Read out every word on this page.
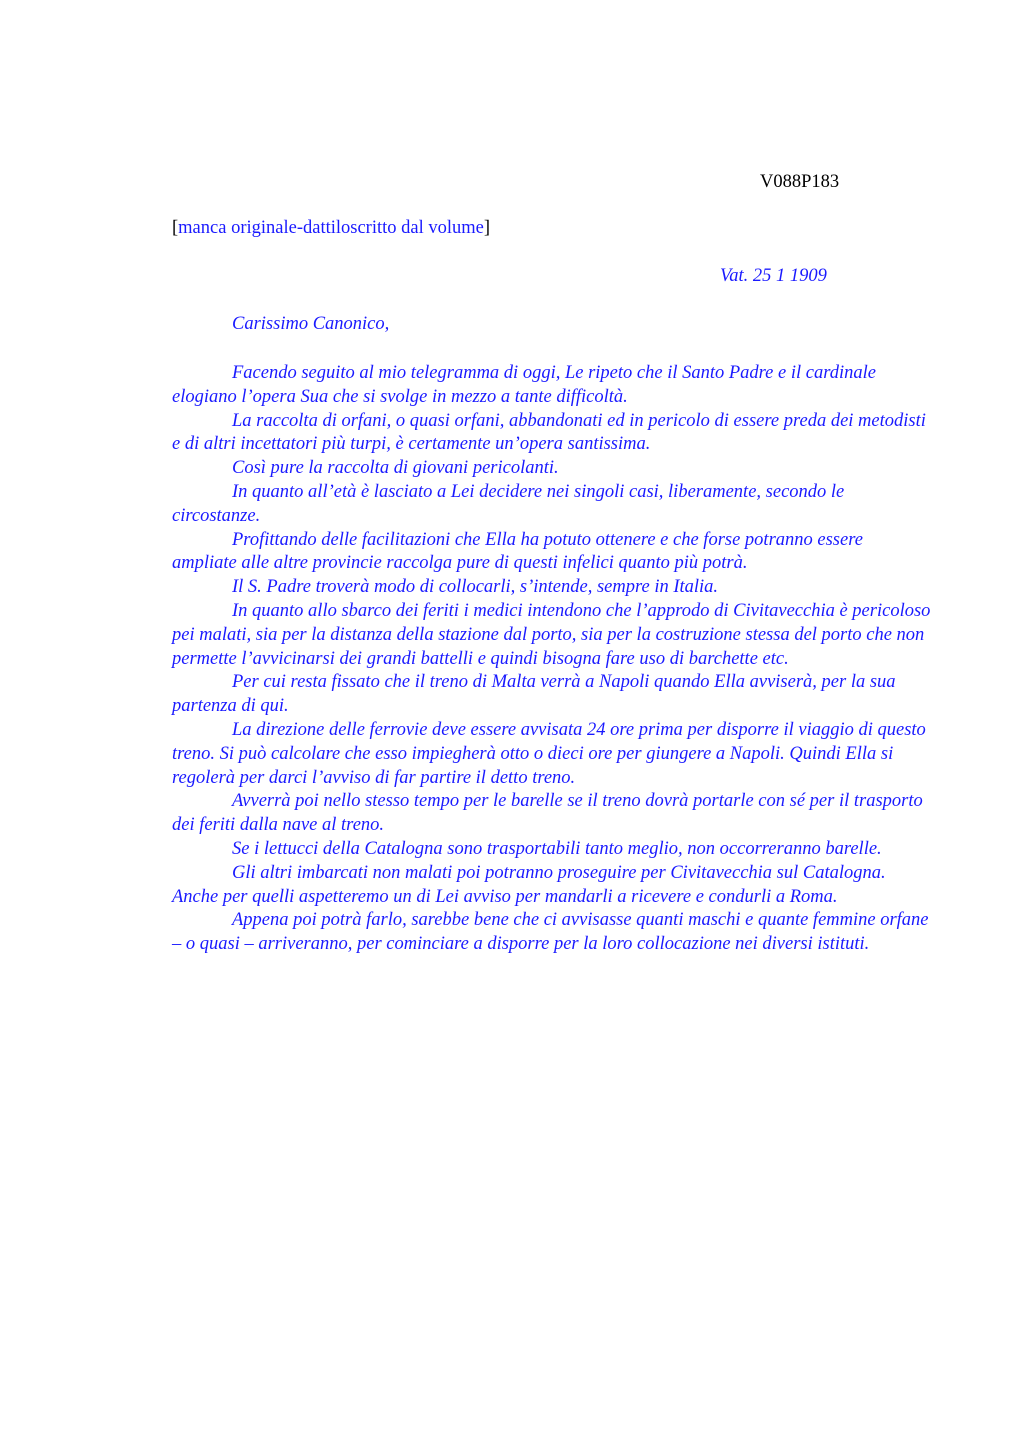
V088P183
[manca originale-dattiloscritto dal volume]
Vat. 25 1 1909
Carissimo Canonico,

Facendo seguito al mio telegramma di oggi, Le ripeto che il Santo Padre e il cardinale elogiano l’opera Sua che si svolge in mezzo a tante difficoltà.

La raccolta di orfani, o quasi orfani, abbandonati ed in pericolo di essere preda dei metodisti e di altri incettatori più turpi, è certamente un’opera santissima.

Così pure la raccolta di giovani pericolanti.

In quanto all’età è lasciato a Lei decidere nei singoli casi, liberamente, secondo le circostanze.

Profittando delle facilitazioni che Ella ha potuto ottenere e che forse potranno essere ampliate alle altre provincie raccolga pure di questi infelici quanto più potrà.

Il S. Padre troverà modo di collocarli, s’intende, sempre in Italia.

In quanto allo sbarco dei feriti i medici intendono che l’approdo di Civitavecchia è pericoloso pei malati, sia per la distanza della stazione dal porto, sia per la costruzione stessa del porto che non permette l’avvicinarsi dei grandi battelli e quindi bisogna fare uso di barchette etc.

Per cui resta fissato che il treno di Malta verrà a Napoli quando Ella avviserà, per la sua partenza di qui.

La direzione delle ferrovie deve essere avvisata 24 ore prima per disporre il viaggio di questo treno. Si può calcolare che esso impiegherà otto o dieci ore per giungere a Napoli. Quindi Ella si regolerà per darci l’avviso di far partire il detto treno.

Avverrà poi nello stesso tempo per le barelle se il treno dovrà portarle con sé per il trasporto dei feriti dalla nave al treno.

Se i lettucci della Catalogna sono trasportabili tanto meglio, non occorreranno barelle.

Gli altri imbarcati non malati poi potranno proseguire per Civitavecchia sul Catalogna. Anche per quelli aspetteremo un di Lei avviso per mandarli a ricevere e condurli a Roma.

Appena poi potrà farlo, sarebbe bene che ci avvisasse quanti maschi e quante femmine orfane – o quasi – arriveranno, per cominciare a disporre per la loro collocazione nei diversi istituti.
